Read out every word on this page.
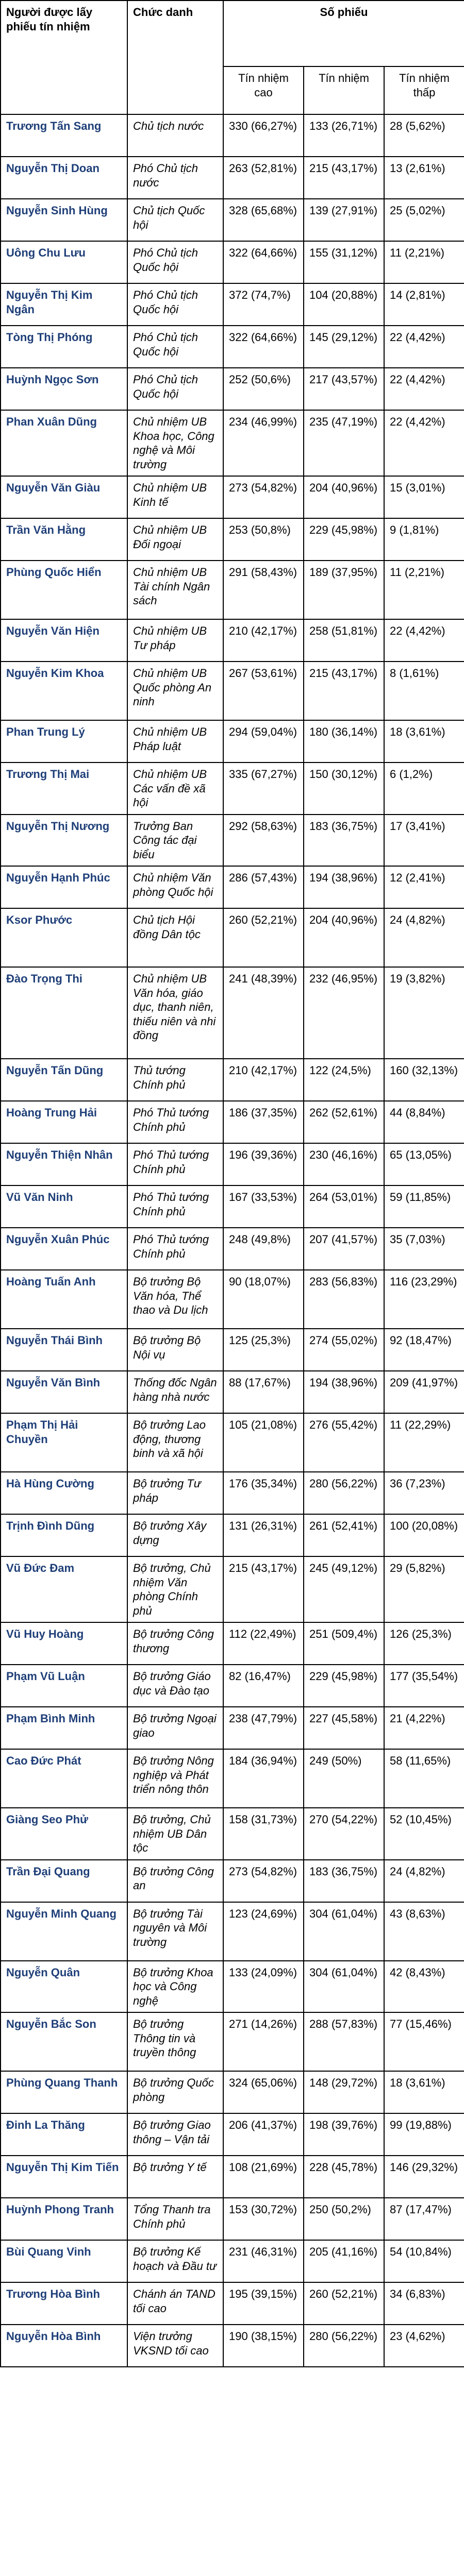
Người được lấy phiếu tín nhiệm	Chức danh	Số phiếu		
		Tín nhiệm cao	Tín nhiệm	Tín nhiệm thấp
Trương Tấn Sang	Chủ tịch nước	330 (66,27%)	133 (26,71%)	28 (5,62%)
Nguyễn Thị Doan	Phó Chủ tịch nước	263 (52,81%)	215 (43,17%)	13 (2,61%)
Nguyễn Sinh Hùng	Chủ tịch Quốc hội	328 (65,68%)	139 (27,91%)	25 (5,02%)
Uông Chu Lưu	Phó Chủ tịch Quốc hội	322 (64,66%)	155 (31,12%)	11 (2,21%)
Nguyễn Thị Kim Ngân	Phó Chủ tịch Quốc hội	372 (74,7%)	104 (20,88%)	14 (2,81%)
Tòng Thị Phóng	Phó Chủ tịch Quốc hội	322 (64,66%)	145 (29,12%)	22 (4,42%)
Huỳnh Ngọc Sơn	Phó Chủ tịch Quốc hội	252 (50,6%)	217 (43,57%)	22 (4,42%)
Phan Xuân Dũng	Chủ nhiệm UB Khoa học, Công nghệ và Môi trường	234 (46,99%)	235 (47,19%)	22 (4,42%)
Nguyễn Văn Giàu	Chủ nhiệm UB Kinh tế	273 (54,82%)	204 (40,96%)	15 (3,01%)
Trần Văn Hằng	Chủ nhiệm UB Đối ngoại	253 (50,8%)	229 (45,98%)	9 (1,81%)
Phùng Quốc Hiển	Chủ nhiệm UB Tài chính Ngân sách	291 (58,43%)	189 (37,95%)	11 (2,21%)
Nguyễn Văn Hiện	Chủ nhiệm UB Tư pháp	210 (42,17%)	258 (51,81%)	22 (4,42%)
Nguyễn Kim Khoa	Chủ nhiệm UB Quốc phòng An ninh	267 (53,61%)	215 (43,17%)	8 (1,61%)
Phan Trung Lý	Chủ nhiệm UB Pháp luật	294 (59,04%)	180 (36,14%)	18 (3,61%)
Trương Thị Mai	Chủ nhiệm UB Các vấn đề xã hội	335 (67,27%)	150 (30,12%)	6 (1,2%)
Nguyễn Thị Nương	Trưởng Ban Công tác đại biểu	292 (58,63%)	183 (36,75%)	17 (3,41%)
Nguyễn Hạnh Phúc	Chủ nhiệm Văn phòng Quốc hội	286 (57,43%)	194 (38,96%)	12 (2,41%)
Ksor Phước	Chủ tịch Hội đồng Dân tộc	260 (52,21%)	204 (40,96%)	24 (4,82%)
Đào Trọng Thi	Chủ nhiệm UB Văn hóa, giáo dục, thanh niên, thiếu niên và nhi đồng	241 (48,39%)	232 (46,95%)	19 (3,82%)
Nguyễn Tấn Dũng	Thủ tướng Chính phủ	210 (42,17%)	122 (24,5%)	160 (32,13%)
Hoàng Trung Hải	Phó Thủ tướng Chính phủ	186 (37,35%)	262 (52,61%)	44 (8,84%)
Nguyễn Thiện Nhân	Phó Thủ tướng Chính phủ	196 (39,36%)	230 (46,16%)	65 (13,05%)
Vũ Văn Ninh	Phó Thủ tướng Chính phủ	167 (33,53%)	264 (53,01%)	59 (11,85%)
Nguyễn Xuân Phúc	Phó Thủ tướng Chính phủ	248 (49,8%)	207 (41,57%)	35 (7,03%)
Hoàng Tuấn Anh	Bộ trưởng Bộ Văn hóa, Thể thao và Du lịch	90 (18,07%)	283 (56,83%)	116 (23,29%)
Nguyễn Thái Bình	Bộ trưởng Bộ Nội vụ	125 (25,3%)	274 (55,02%)	92 (18,47%)
Nguyễn Văn Bình	Thống đốc Ngân hàng nhà nước	88 (17,67%)	194 (38,96%)	209 (41,97%)
Phạm Thị Hải Chuyền	Bộ trưởng Lao động, thương binh và xã hội	105 (21,08%)	276 (55,42%)	11 (22,29%)
Hà Hùng Cường	Bộ trưởng Tư pháp	176 (35,34%)	280 (56,22%)	36 (7,23%)
Trịnh Đình Dũng	Bộ trưởng Xây dựng	131 (26,31%)	261 (52,41%)	100 (20,08%)
Vũ Đức Đam	Bộ trưởng, Chủ nhiệm Văn phòng Chính phủ	215 (43,17%)	245 (49,12%)	29 (5,82%)
Vũ Huy Hoàng	Bộ trưởng Công thương	112 (22,49%)	251 (509,4%)	126 (25,3%)
Phạm Vũ Luận	Bộ trưởng Giáo dục và Đào tạo	82 (16,47%)	229 (45,98%)	177 (35,54%)
Phạm Bình Minh	Bộ trưởng Ngoại giao	238 (47,79%)	227 (45,58%)	21 (4,22%)
Cao Đức Phát	Bộ trưởng Nông nghiệp và Phát triển nông thôn	184 (36,94%)	249 (50%)	58 (11,65%)
Giàng Seo Phử	Bộ trưởng, Chủ nhiệm UB Dân tộc	158 (31,73%)	270 (54,22%)	52 (10,45%)
Trần Đại Quang	Bộ trưởng Công an	273 (54,82%)	183 (36,75%)	24 (4,82%)
Nguyễn Minh Quang	Bộ trưởng Tài nguyên và Môi trường	123 (24,69%)	304 (61,04%)	43 (8,63%)
Nguyễn Quân	Bộ trưởng Khoa học và Công nghệ	133 (24,09%)	304 (61,04%)	42 (8,43%)
Nguyễn Bắc Son	Bộ trưởng Thông tin và truyền thông	271 (14,26%)	288 (57,83%)	77 (15,46%)
Phùng Quang Thanh	Bộ trưởng Quốc phòng	324 (65,06%)	148 (29,72%)	18 (3,61%)
Đinh La Thăng	Bộ trưởng Giao thông – Vận tải	206 (41,37%)	198 (39,76%)	99 (19,88%)
Nguyễn Thị Kim Tiến	Bộ trưởng Y tế	108 (21,69%)	228 (45,78%)	146 (29,32%)
Huỳnh Phong Tranh	Tổng Thanh tra Chính phủ	153 (30,72%)	250 (50,2%)	87 (17,47%)
Bùi Quang Vinh	Bộ trưởng Kế hoạch và Đầu tư	231 (46,31%)	205 (41,16%)	54 (10,84%)
Trương Hòa Bình	Chánh án TAND tối cao	195 (39,15%)	260 (52,21%)	34 (6,83%)
Nguyễn Hòa Bình	Viện trưởng VKSND tối cao	190 (38,15%)	280 (56,22%)	23 (4,62%)
